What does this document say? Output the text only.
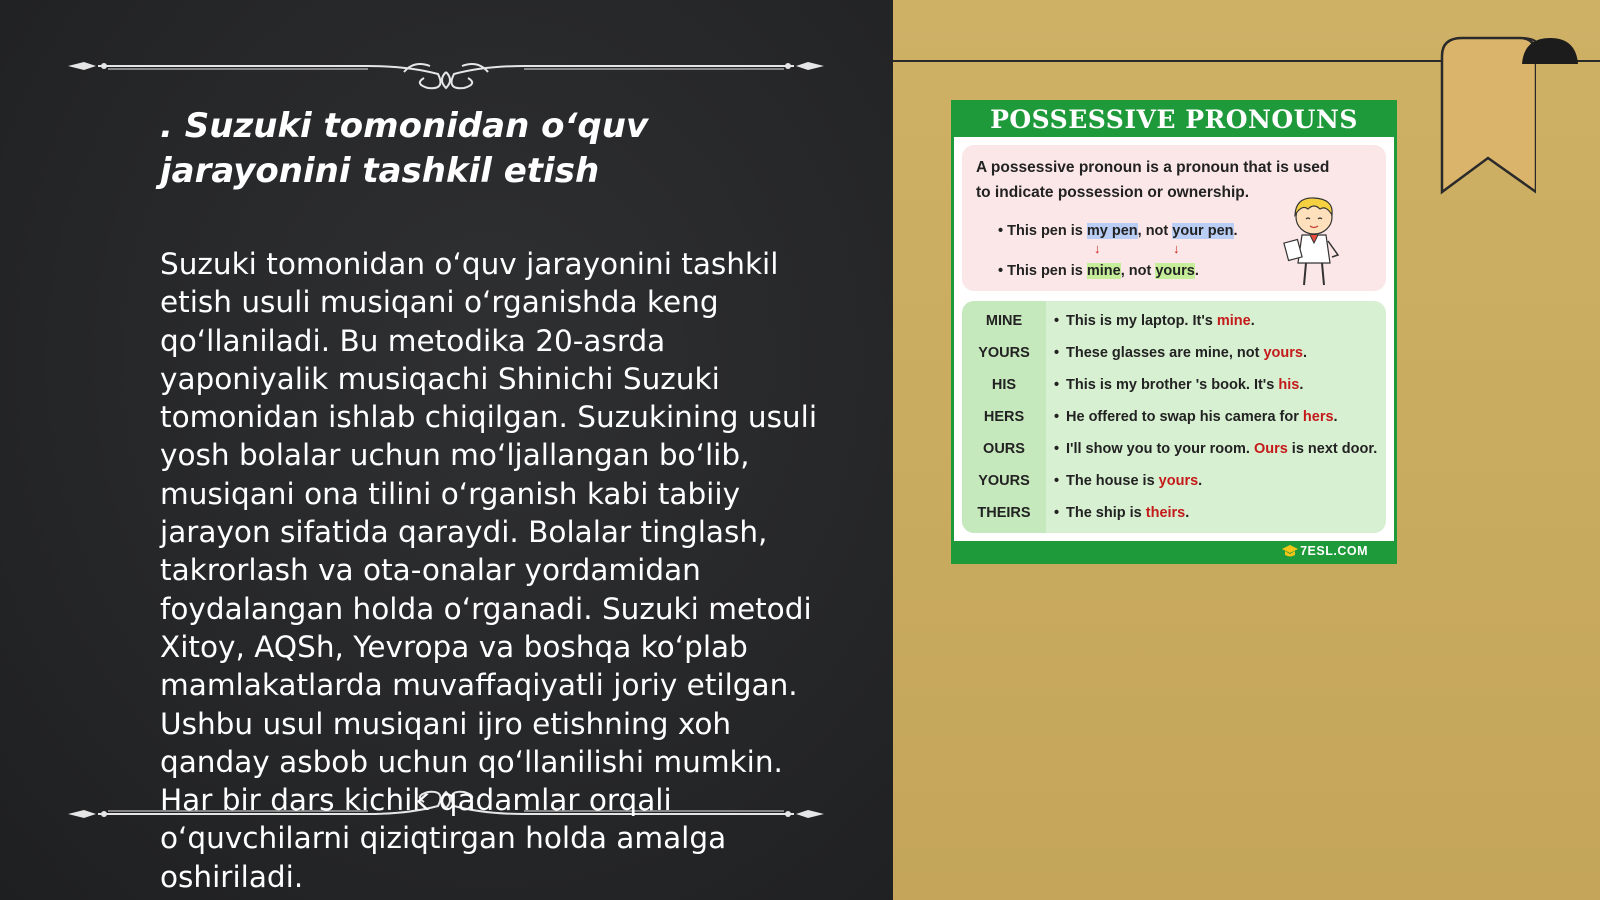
. Suzuki tomonidan o‘quv jarayonini tashkil etish

Suzuki tomonidan o‘quv jarayonini tashkil etish usuli musiqani o‘rganishda keng qo‘llaniladi. Bu metodika 20-asrda yaponiyalik musiqachi Shinichi Suzuki tomonidan ishlab chiqilgan. Suzukining usuli yosh bolalar uchun mo‘ljallangan bo‘lib, musiqani ona tilini o‘rganish kabi tabiiy jarayon sifatida qaraydi. Bolalar tinglash, takrorlash va ota-onalar yordamidan foydalangan holda o‘rganadi. Suzuki metodi Xitoy, AQSh, Yevropa va boshqa ko‘plab mamlakatlarda muvaffaqiyatli joriy etilgan. Ushbu usul musiqani ijro etishning xoh qanday asbob uchun qo‘llanilishi mumkin. Har bir dars kichik qadamlar orqali o‘quvchilarni qiziqtirgan holda amalga oshiriladi.

POSSESSIVE PRONOUNS

A possessive pronoun is a pronoun that is used to indicate possession or ownership.

• This pen is my pen, not your pen.
↓	↓
• This pen is mine, not yours.
MINE	• This is my laptop. It's mine.
YOURS	• These glasses are mine, not yours.
HIS	• This is my brother 's book. It's his.
HERS	• He offered to swap his camera for hers.
OURS	• I'll show you to your room. Ours is next door.
YOURS	• The house is yours.
THEIRS	• The ship is theirs.
7ESL.COM
